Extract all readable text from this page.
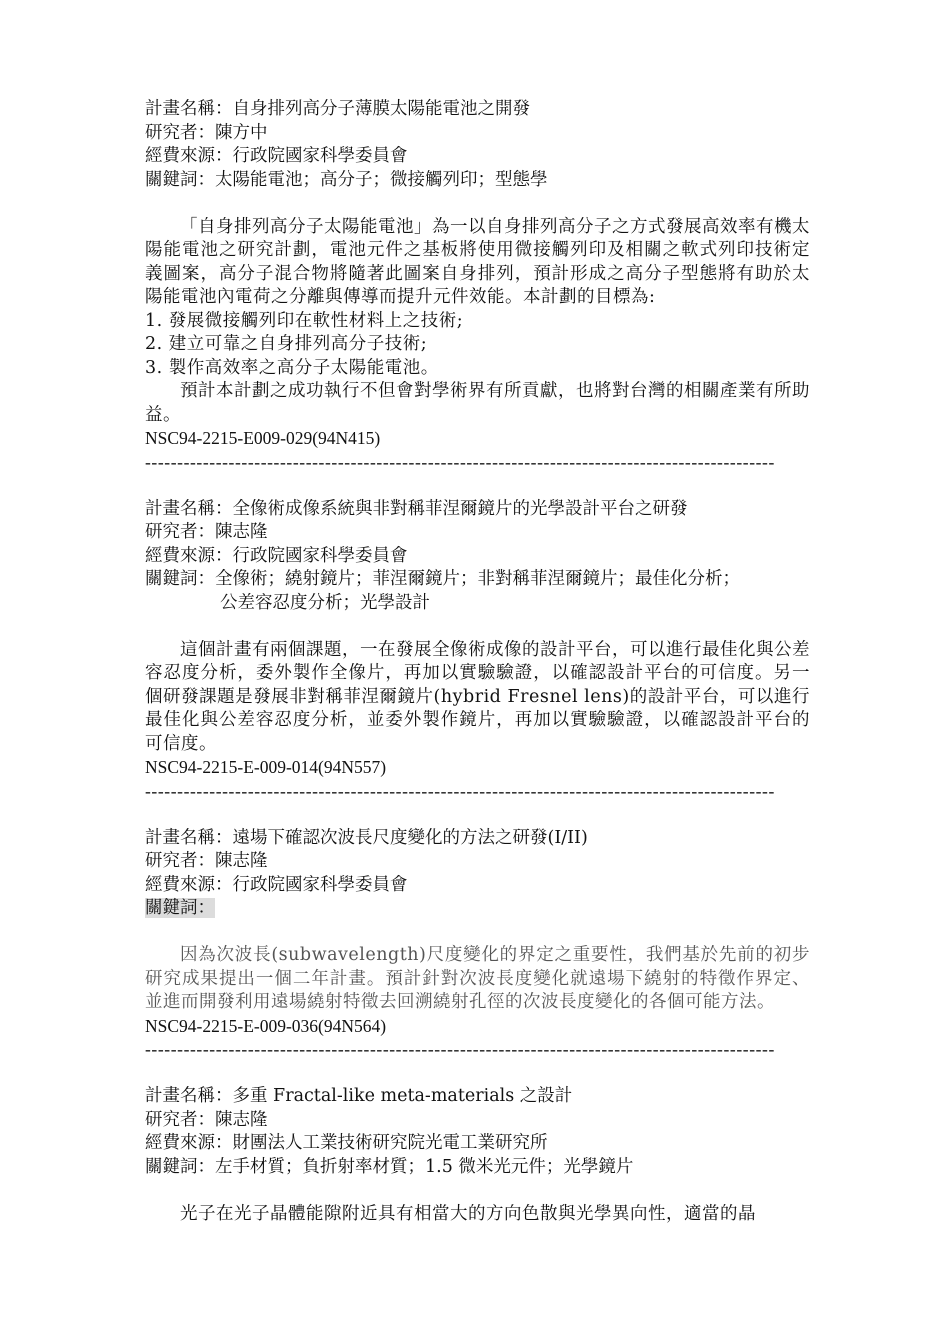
計畫名稱：自身排列高分子薄膜太陽能電池之開發
研究者：陳方中
經費來源：行政院國家科學委員會
關鍵詞：太陽能電池；高分子；微接觸列印；型態學
「自身排列高分子太陽能電池」為一以自身排列高分子之方式發展高效率有機太陽能電池之研究計劃，電池元件之基板將使用微接觸列印及相關之軟式列印技術定義圖案，高分子混合物將隨著此圖案自身排列，預計形成之高分子型態將有助於太陽能電池內電荷之分離與傳導而提升元件效能。本計劃的目標為:
1. 發展微接觸列印在軟性材料上之技術;
2. 建立可靠之自身排列高分子技術;
3. 製作高效率之高分子太陽能電池。
預計本計劃之成功執行不但會對學術界有所貢獻，也將對台灣的相關產業有所助益。
NSC94-2215-E009-029(94N415)
--------------------------------------------------------------------------------------------------
計畫名稱：全像術成像系統與非對稱菲涅爾鏡片的光學設計平台之研發
研究者：陳志隆
經費來源：行政院國家科學委員會
關鍵詞：全像術；繞射鏡片；菲涅爾鏡片；非對稱菲涅爾鏡片；最佳化分析；
公差容忍度分析；光學設計
這個計畫有兩個課題，一在發展全像術成像的設計平台，可以進行最佳化與公差容忍度分析，委外製作全像片，再加以實驗驗證，以確認設計平台的可信度。另一個研發課題是發展非對稱菲涅爾鏡片(hybrid Fresnel lens)的設計平台，可以進行最佳化與公差容忍度分析，並委外製作鏡片，再加以實驗驗證，以確認設計平台的可信度。
NSC94-2215-E-009-014(94N557)
--------------------------------------------------------------------------------------------------
計畫名稱：遠場下確認次波長尺度變化的方法之研發(I/II)
研究者：陳志隆
經費來源：行政院國家科學委員會
關鍵詞：
因為次波長(subwavelength)尺度變化的界定之重要性，我們基於先前的初步研究成果提出一個二年計畫。預計針對次波長度變化就遠場下繞射的特徵作界定、並進而開發利用遠場繞射特徵去回溯繞射孔徑的次波長度變化的各個可能方法。
NSC94-2215-E-009-036(94N564)
--------------------------------------------------------------------------------------------------
計畫名稱：多重 Fractal-like meta-materials 之設計
研究者：陳志隆
經費來源：財團法人工業技術研究院光電工業研究所
關鍵詞：左手材質；負折射率材質；1.5 微米光元件；光學鏡片
光子在光子晶體能隙附近具有相當大的方向色散與光學異向性，適當的晶
